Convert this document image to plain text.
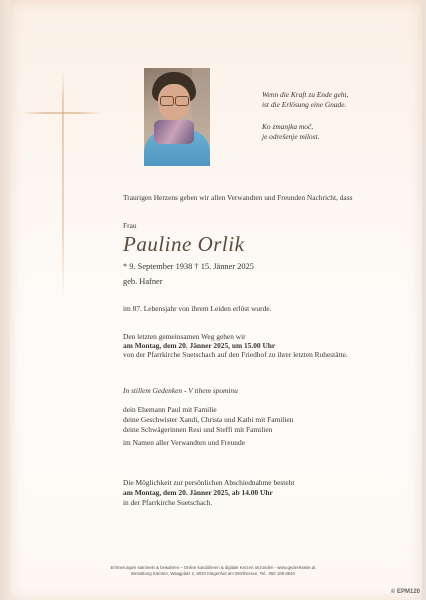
Wenn die Kraft zu Ende geht,
ist die Erlösung eine Gnade.
Ko zmanjka moč,
je odrešenje milost.
Traurigen Herzens geben wir allen Verwandten und Freunden Nachricht, dass
Frau
Pauline Orlik
* 9. September 1938 † 15. Jänner 2025
geb. Hafner
im 87. Lebensjahr von ihrem Leiden erlöst wurde.
Den letzten gemeinsamen Weg gehen wir
am Montag, dem 20. Jänner 2025, um 15.00 Uhr
von der Pfarrkirche Suetschach auf den Friedhof zu ihrer letzten Ruhestätte.
In stillem Gedenken - V tihem spominu
dein Ehemann Paul mit Familie
deine Geschwister Xandi, Christa und Kathi mit Familien
deine Schwägerinnen Resi und Steffi mit Familien
im Namen aller Verwandten und Freunde
Die Möglichkeit zur persönlichen Abschiednahme besteht
am Montag, dem 20. Jänner 2025, ab 14.00 Uhr
in der Pfarrkirche Suetschach.
Erinnerungen sammeln & bewahren – Online kondolieren & digitale Kerzen anzünden - www.gedenkseite.at
Bestattung Kärnten, Waagplatz 2, 9020 Klagenfurt am Wörthersee, Tel.: 050 169 8540
© EPM120
